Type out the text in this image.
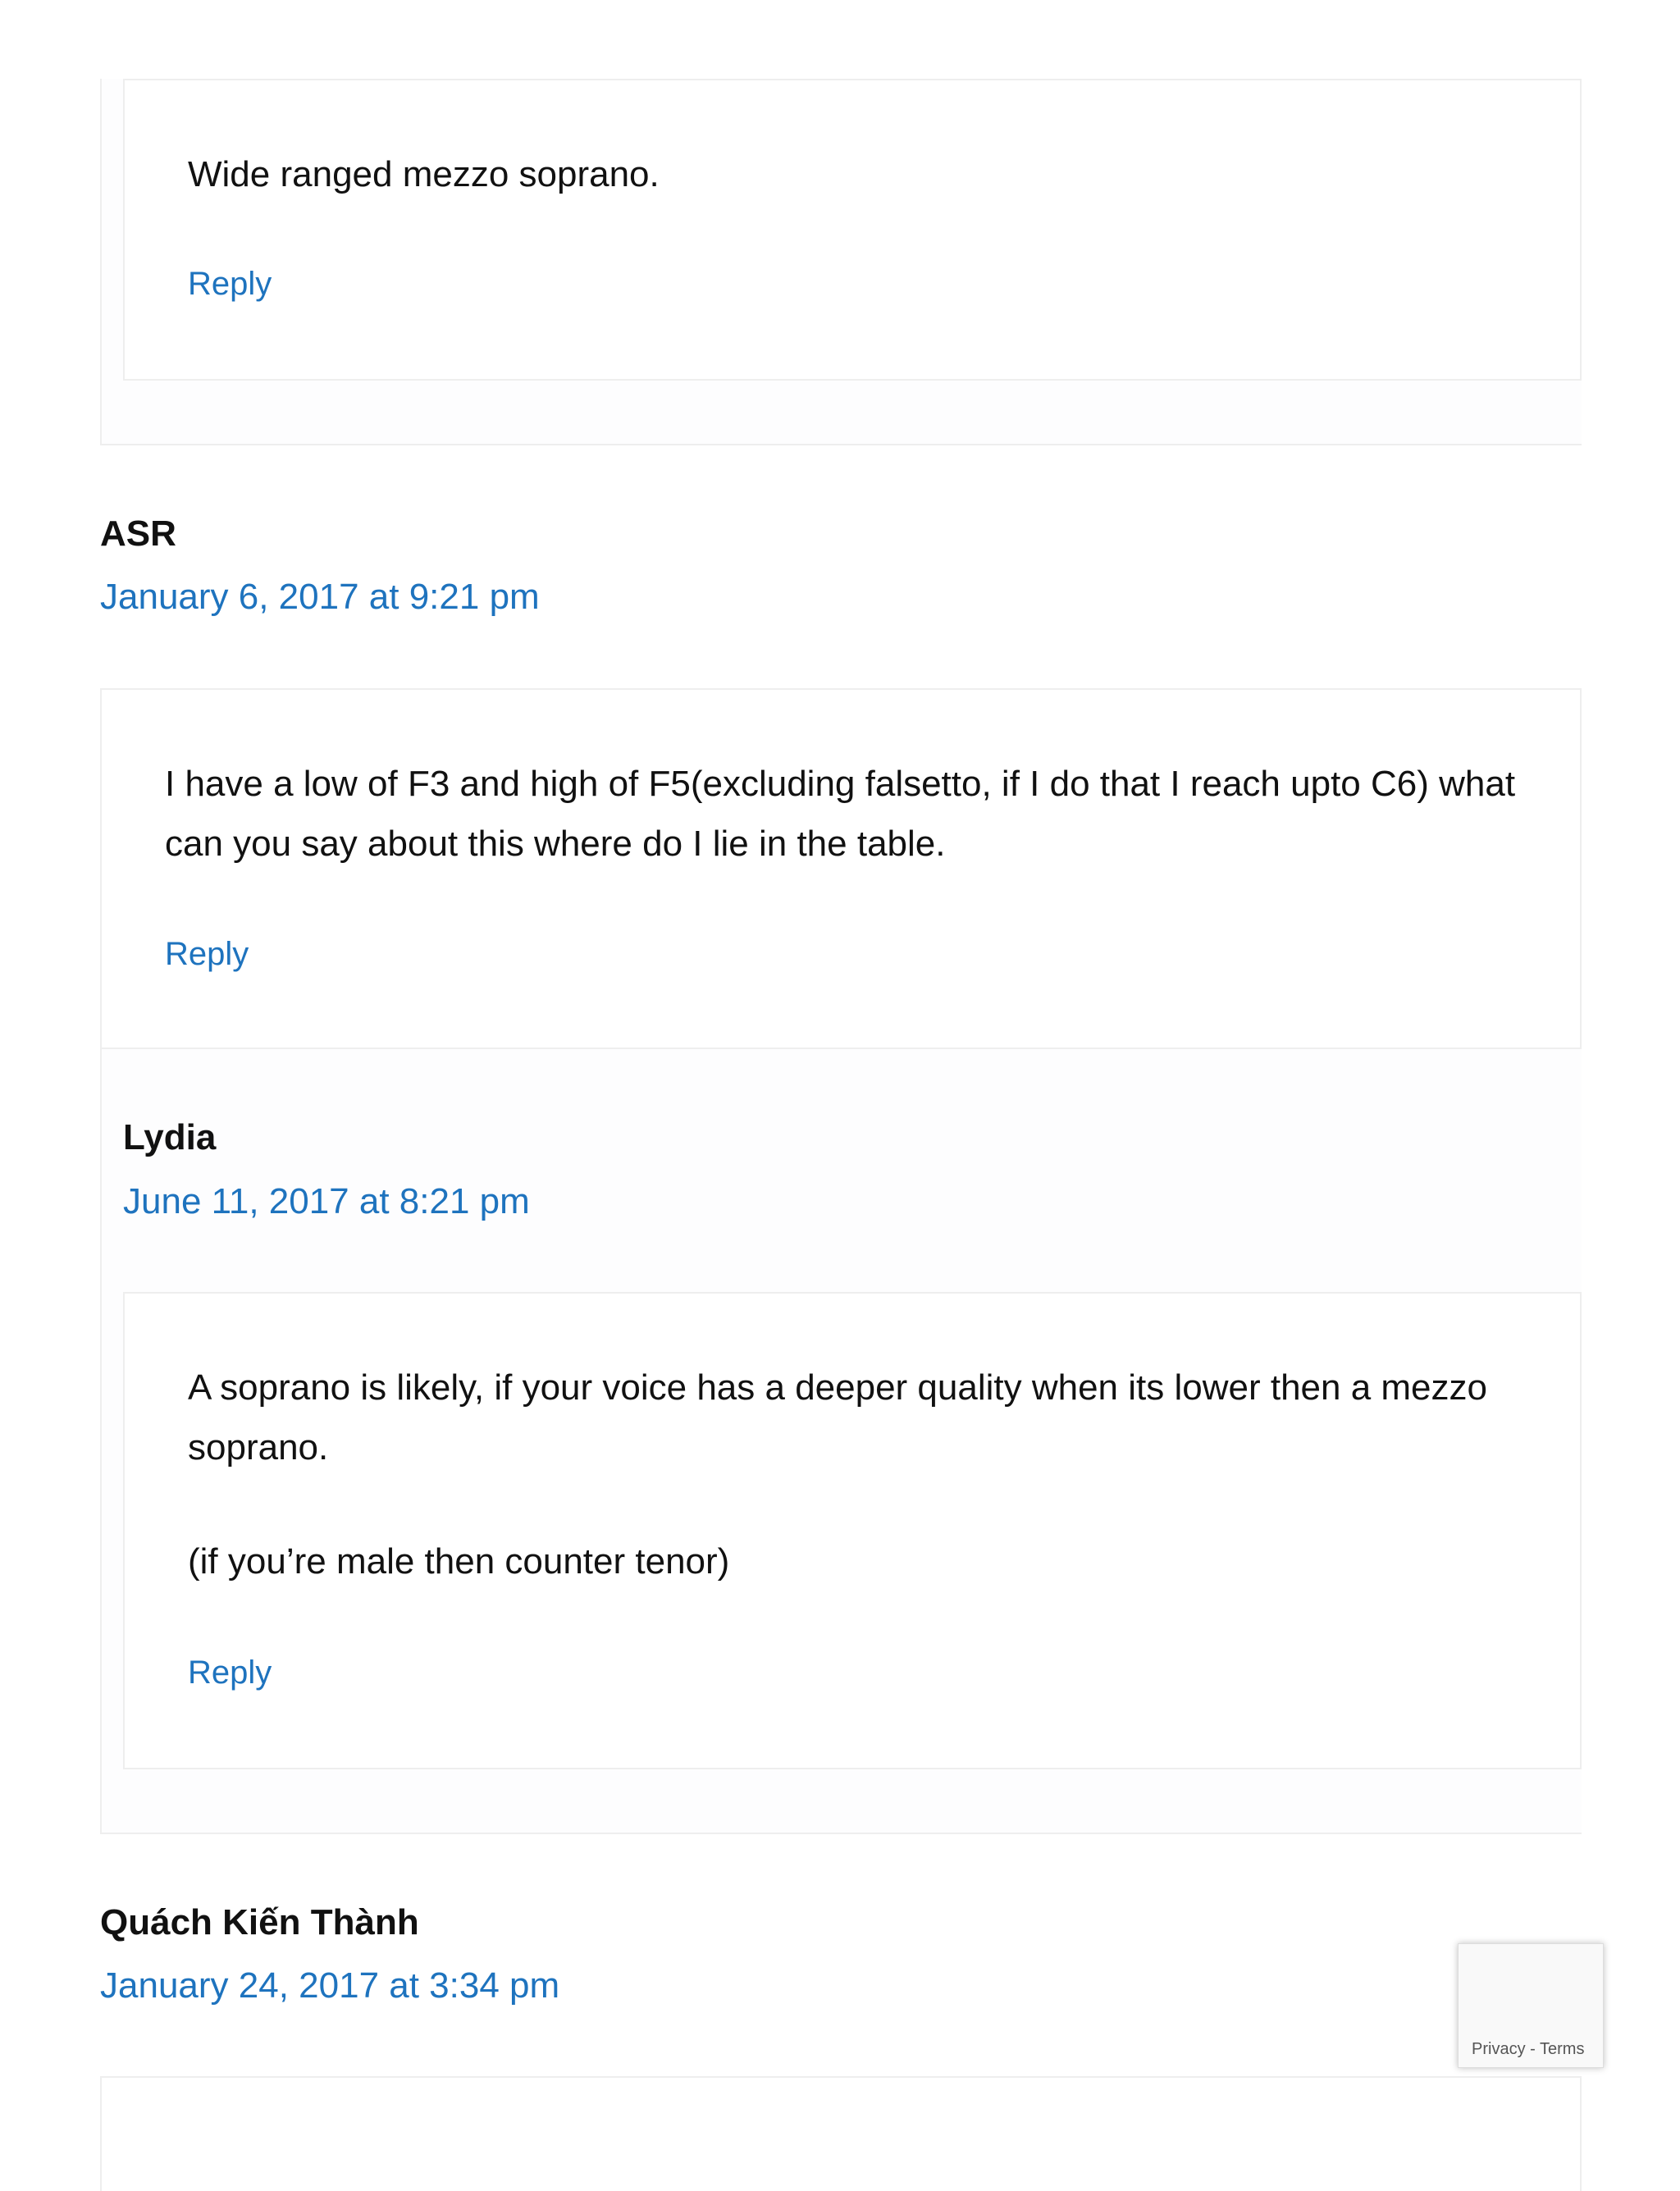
Wide ranged mezzo soprano.
Reply
ASR
January 6, 2017 at 9:21 pm
I have a low of F3 and high of F5(excluding falsetto, if I do that I reach upto C6) what can you say about this where do I lie in the table.
Reply
Lydia
June 11, 2017 at 8:21 pm
A soprano is likely, if your voice has a deeper quality when its lower then a mezzo soprano.
(if you’re male then counter tenor)
Reply
Quách Kiến Thành
January 24, 2017 at 3:34 pm
Privacy - Terms
